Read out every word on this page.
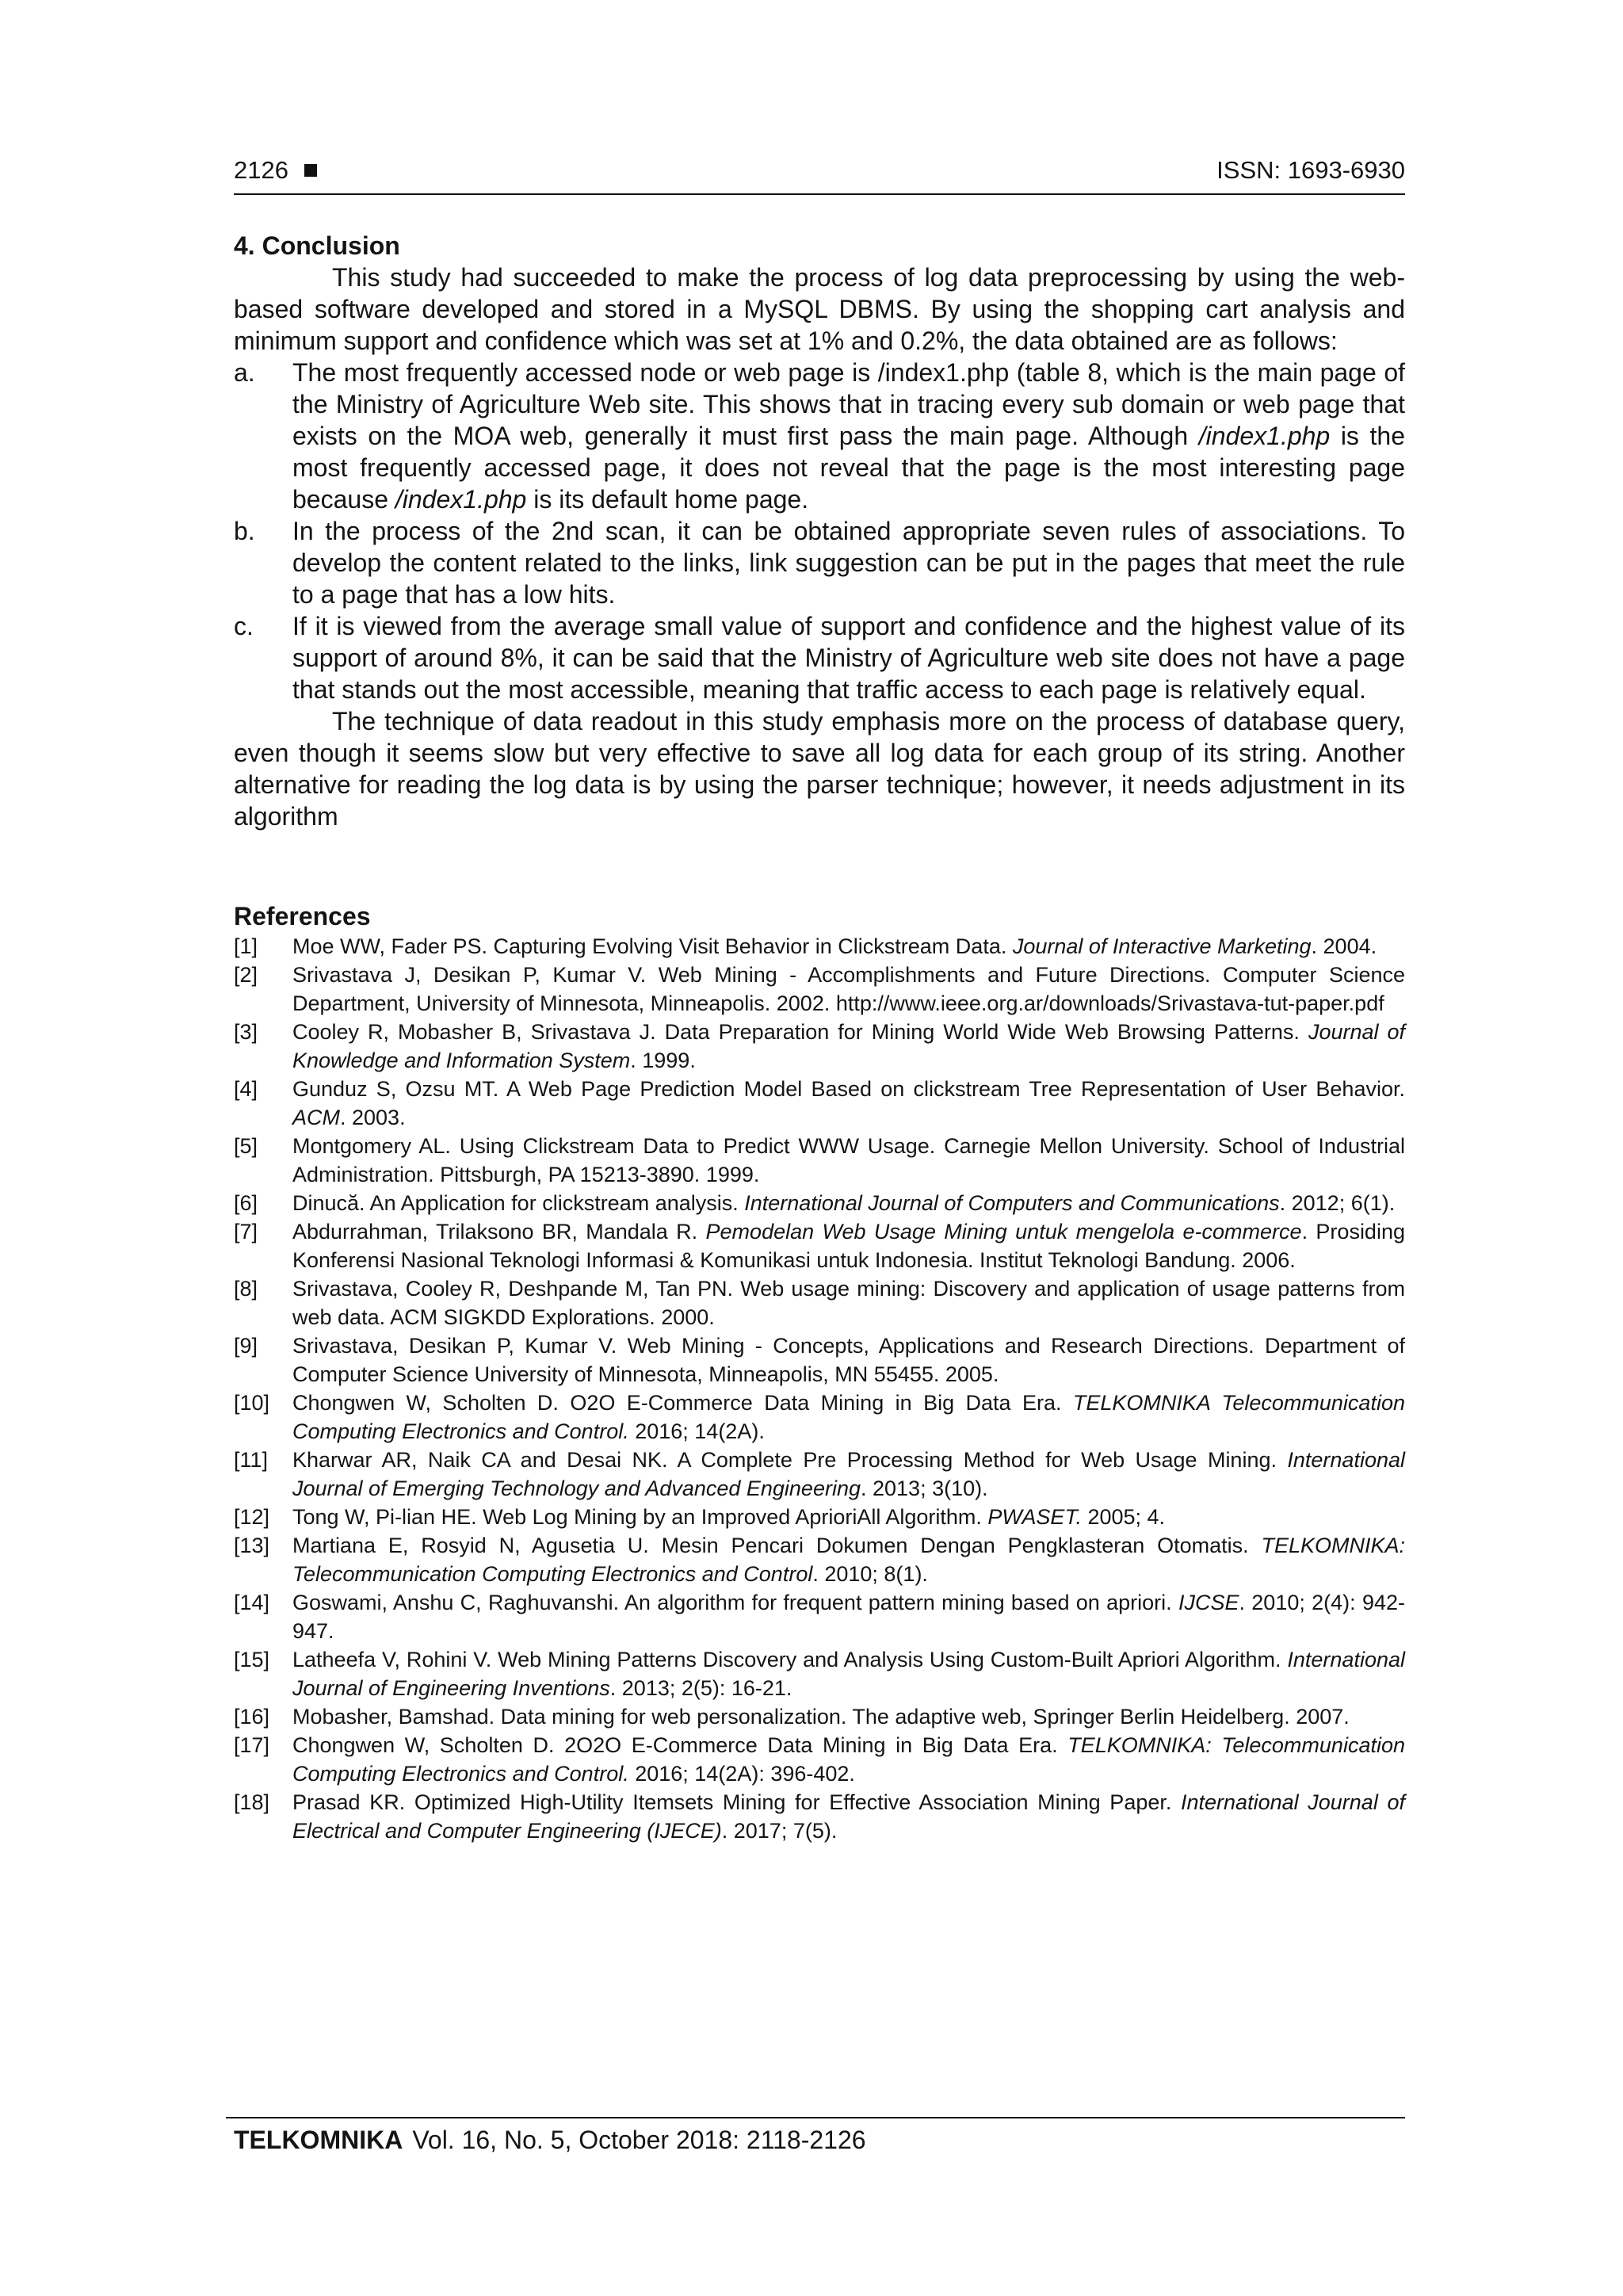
2126	ISSN: 1693-6930
4. Conclusion

This study had succeeded to make the process of log data preprocessing by using the web-based software developed and stored in a MySQL DBMS. By using the shopping cart analysis and minimum support and confidence which was set at 1% and 0.2%, the data obtained are as follows:

a. The most frequently accessed node or web page is /index1.php (table 8, which is the main page of the Ministry of Agriculture Web site. This shows that in tracing every sub domain or web page that exists on the MOA web, generally it must first pass the main page. Although /index1.php is the most frequently accessed page, it does not reveal that the page is the most interesting page because /index1.php is its default home page.
b. In the process of the 2nd scan, it can be obtained appropriate seven rules of associations. To develop the content related to the links, link suggestion can be put in the pages that meet the rule to a page that has a low hits.
c. If it is viewed from the average small value of support and confidence and the highest value of its support of around 8%, it can be said that the Ministry of Agriculture web site does not have a page that stands out the most accessible, meaning that traffic access to each page is relatively equal.

The technique of data readout in this study emphasis more on the process of database query, even though it seems slow but very effective to save all log data for each group of its string. Another alternative for reading the log data is by using the parser technique; however, it needs adjustment in its algorithm

References
[1] Moe WW, Fader PS. Capturing Evolving Visit Behavior in Clickstream Data. Journal of Interactive Marketing. 2004.
[2] Srivastava J, Desikan P, Kumar V. Web Mining - Accomplishments and Future Directions. Computer Science Department, University of Minnesota, Minneapolis. 2002. http://www.ieee.org.ar/downloads/Srivastava-tut-paper.pdf
[3] Cooley R, Mobasher B, Srivastava J. Data Preparation for Mining World Wide Web Browsing Patterns. Journal of Knowledge and Information System. 1999.
[4] Gunduz S, Ozsu MT. A Web Page Prediction Model Based on clickstream Tree Representation of User Behavior. ACM. 2003.
[5] Montgomery AL. Using Clickstream Data to Predict WWW Usage. Carnegie Mellon University. School of Industrial Administration. Pittsburgh, PA 15213-3890. 1999.
[6] Dinucă. An Application for clickstream analysis. International Journal of Computers and Communications. 2012; 6(1).
[7] Abdurrahman, Trilaksono BR, Mandala R. Pemodelan Web Usage Mining untuk mengelola e-commerce. Prosiding Konferensi Nasional Teknologi Informasi & Komunikasi untuk Indonesia. Institut Teknologi Bandung. 2006.
[8] Srivastava, Cooley R, Deshpande M, Tan PN. Web usage mining: Discovery and application of usage patterns from web data. ACM SIGKDD Explorations. 2000.
[9] Srivastava, Desikan P, Kumar V. Web Mining - Concepts, Applications and Research Directions. Department of Computer Science University of Minnesota, Minneapolis, MN 55455. 2005.
[10] Chongwen W, Scholten D. O2O E-Commerce Data Mining in Big Data Era. TELKOMNIKA Telecommunication Computing Electronics and Control. 2016; 14(2A).
[11] Kharwar AR, Naik CA and Desai NK. A Complete Pre Processing Method for Web Usage Mining. International Journal of Emerging Technology and Advanced Engineering. 2013; 3(10).
[12] Tong W, Pi-lian HE. Web Log Mining by an Improved AprioriAll Algorithm. PWASET. 2005; 4.
[13] Martiana E, Rosyid N, Agusetia U. Mesin Pencari Dokumen Dengan Pengklasteran Otomatis. TELKOMNIKA: Telecommunication Computing Electronics and Control. 2010; 8(1).
[14] Goswami, Anshu C, Raghuvanshi. An algorithm for frequent pattern mining based on apriori. IJCSE. 2010; 2(4): 942-947.
[15] Latheefa V, Rohini V. Web Mining Patterns Discovery and Analysis Using Custom-Built Apriori Algorithm. International Journal of Engineering Inventions. 2013; 2(5): 16-21.
[16] Mobasher, Bamshad. Data mining for web personalization. The adaptive web, Springer Berlin Heidelberg. 2007.
[17] Chongwen W, Scholten D. 2O2O E-Commerce Data Mining in Big Data Era. TELKOMNIKA: Telecommunication Computing Electronics and Control. 2016; 14(2A): 396-402.
[18] Prasad KR. Optimized High-Utility Itemsets Mining for Effective Association Mining Paper. International Journal of Electrical and Computer Engineering (IJECE). 2017; 7(5).
TELKOMNIKA Vol. 16, No. 5, October 2018: 2118-2126
